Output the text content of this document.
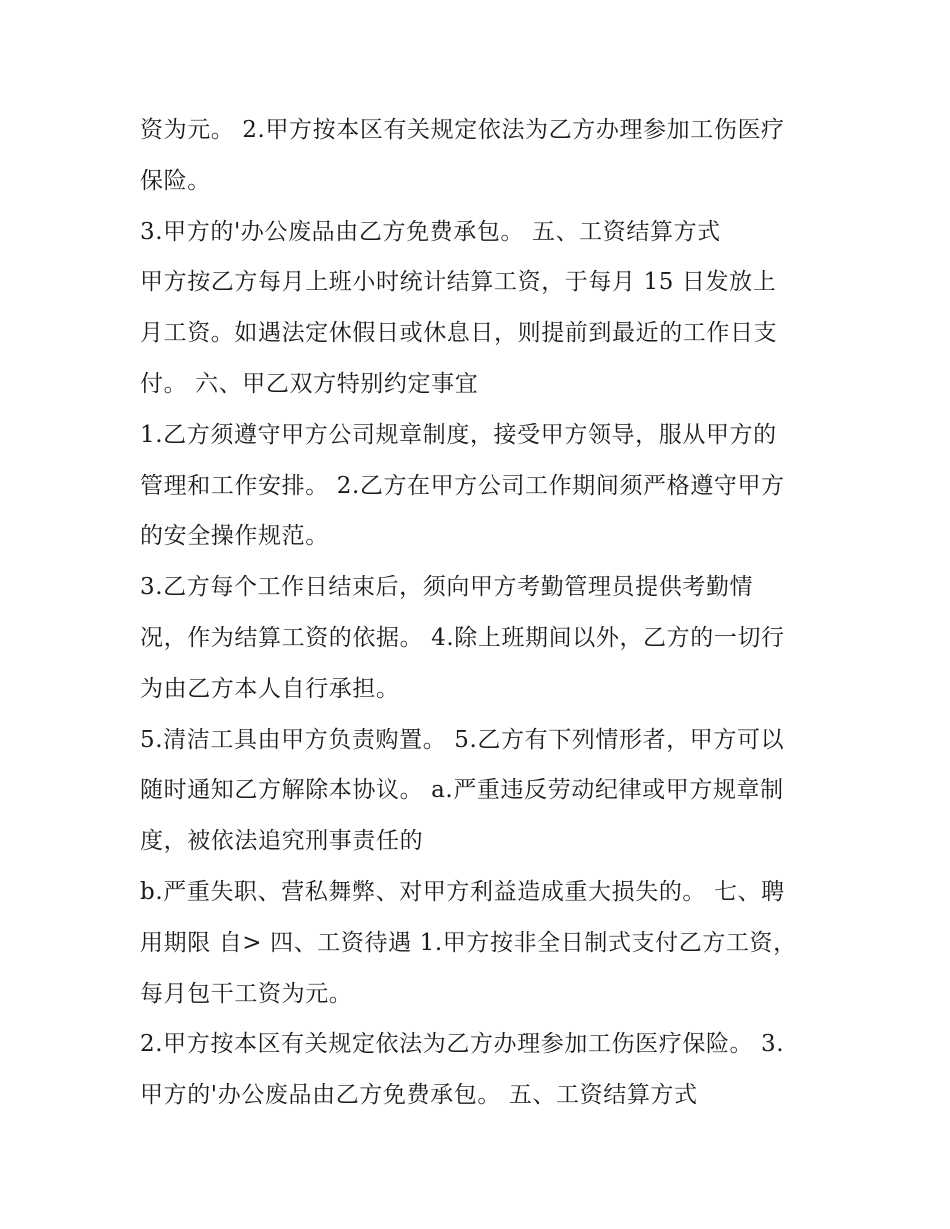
资为元。 2.甲方按本区有关规定依法为乙方办理参加工伤医疗
保险。
3.甲方的'办公废品由乙方免费承包。 五、工资结算方式
甲方按乙方每月上班小时统计结算工资，于每月 15 日发放上
月工资。如遇法定休假日或休息日，则提前到最近的工作日支
付。 六、甲乙双方特别约定事宜
1.乙方须遵守甲方公司规章制度，接受甲方领导，服从甲方的
管理和工作安排。 2.乙方在甲方公司工作期间须严格遵守甲方
的安全操作规范。
3.乙方每个工作日结束后，须向甲方考勤管理员提供考勤情
况，作为结算工资的依据。 4.除上班期间以外，乙方的一切行
为由乙方本人自行承担。
5.清洁工具由甲方负责购置。 5.乙方有下列情形者，甲方可以
随时通知乙方解除本协议。 a.严重违反劳动纪律或甲方规章制
度，被依法追究刑事责任的
b.严重失职、营私舞弊、对甲方利益造成重大损失的。 七、聘
用期限 自> 四、工资待遇 1.甲方按非全日制式支付乙方工资，
每月包干工资为元。
2.甲方按本区有关规定依法为乙方办理参加工伤医疗保险。 3.
甲方的'办公废品由乙方免费承包。 五、工资结算方式
